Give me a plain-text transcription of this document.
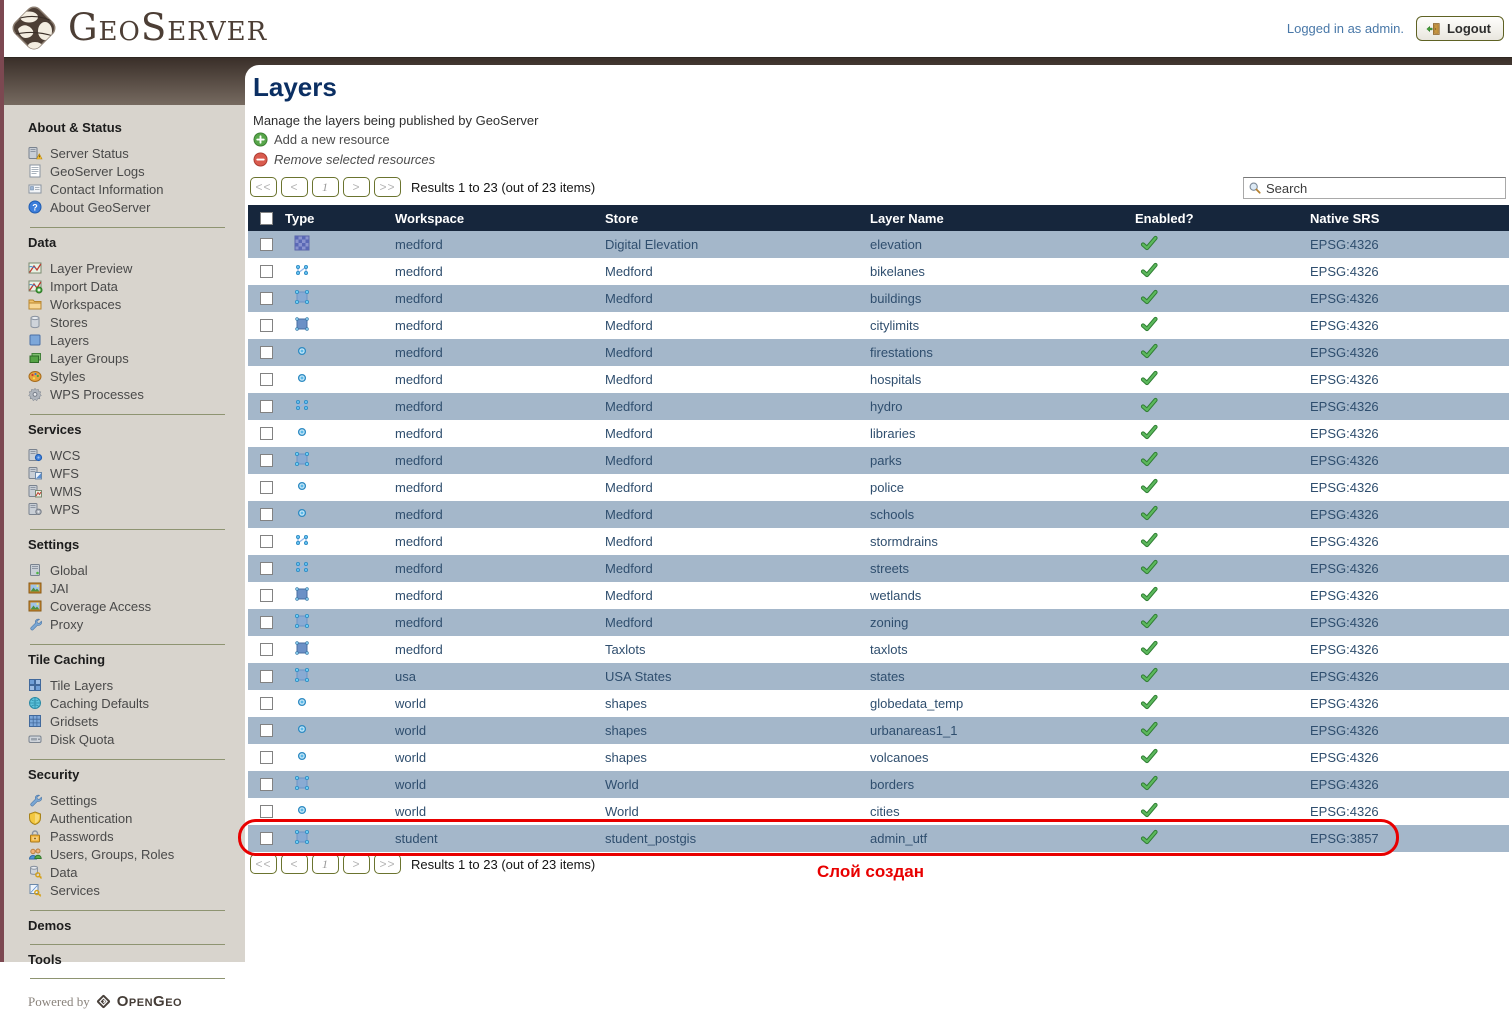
GeoServer	Logged in as admin.	Logout
About & Status
Server Status
GeoServer Logs
Contact Information
? About GeoServer
Data
Layer Preview
Import Data
Workspaces
Stores
Layers
Layer Groups
Styles
WPS Processes
Services
WCS
WFS
WMS
WPS
Settings
Global
JAI
Coverage Access
Proxy
Tile Caching
Tile Layers
Caching Defaults
Gridsets
Disk Quota
Security
Settings
Authentication
Passwords
Users, Groups, Roles
Data
Services
Demos
Tools
Powered by OpenGeo
Layers
Manage the layers being published by GeoServer
Add a new resource
Remove selected resources
<<	<	1	>	>>	Results 1 to 23 (out of 23 items)
Search
Type	Workspace	Store	Layer Name	Enabled?	Native SRS
medford	Digital Elevation	elevation	EPSG:4326
medford	Medford	bikelanes	EPSG:4326
medford	Medford	buildings	EPSG:4326
medford	Medford	citylimits	EPSG:4326
medford	Medford	firestations	EPSG:4326
medford	Medford	hospitals	EPSG:4326
medford	Medford	hydro	EPSG:4326
medford	Medford	libraries	EPSG:4326
medford	Medford	parks	EPSG:4326
medford	Medford	police	EPSG:4326
medford	Medford	schools	EPSG:4326
medford	Medford	stormdrains	EPSG:4326
medford	Medford	streets	EPSG:4326
medford	Medford	wetlands	EPSG:4326
medford	Medford	zoning	EPSG:4326
medford	Taxlots	taxlots	EPSG:4326
usa	USA States	states	EPSG:4326
world	shapes	globedata_temp	EPSG:4326
world	shapes	urbanareas1_1	EPSG:4326
world	shapes	volcanoes	EPSG:4326
world	World	borders	EPSG:4326
world	World	cities	EPSG:4326
student	student_postgis	admin_utf	EPSG:3857
<<	<	1	>	>>	Results 1 to 23 (out of 23 items)	Слой создан
